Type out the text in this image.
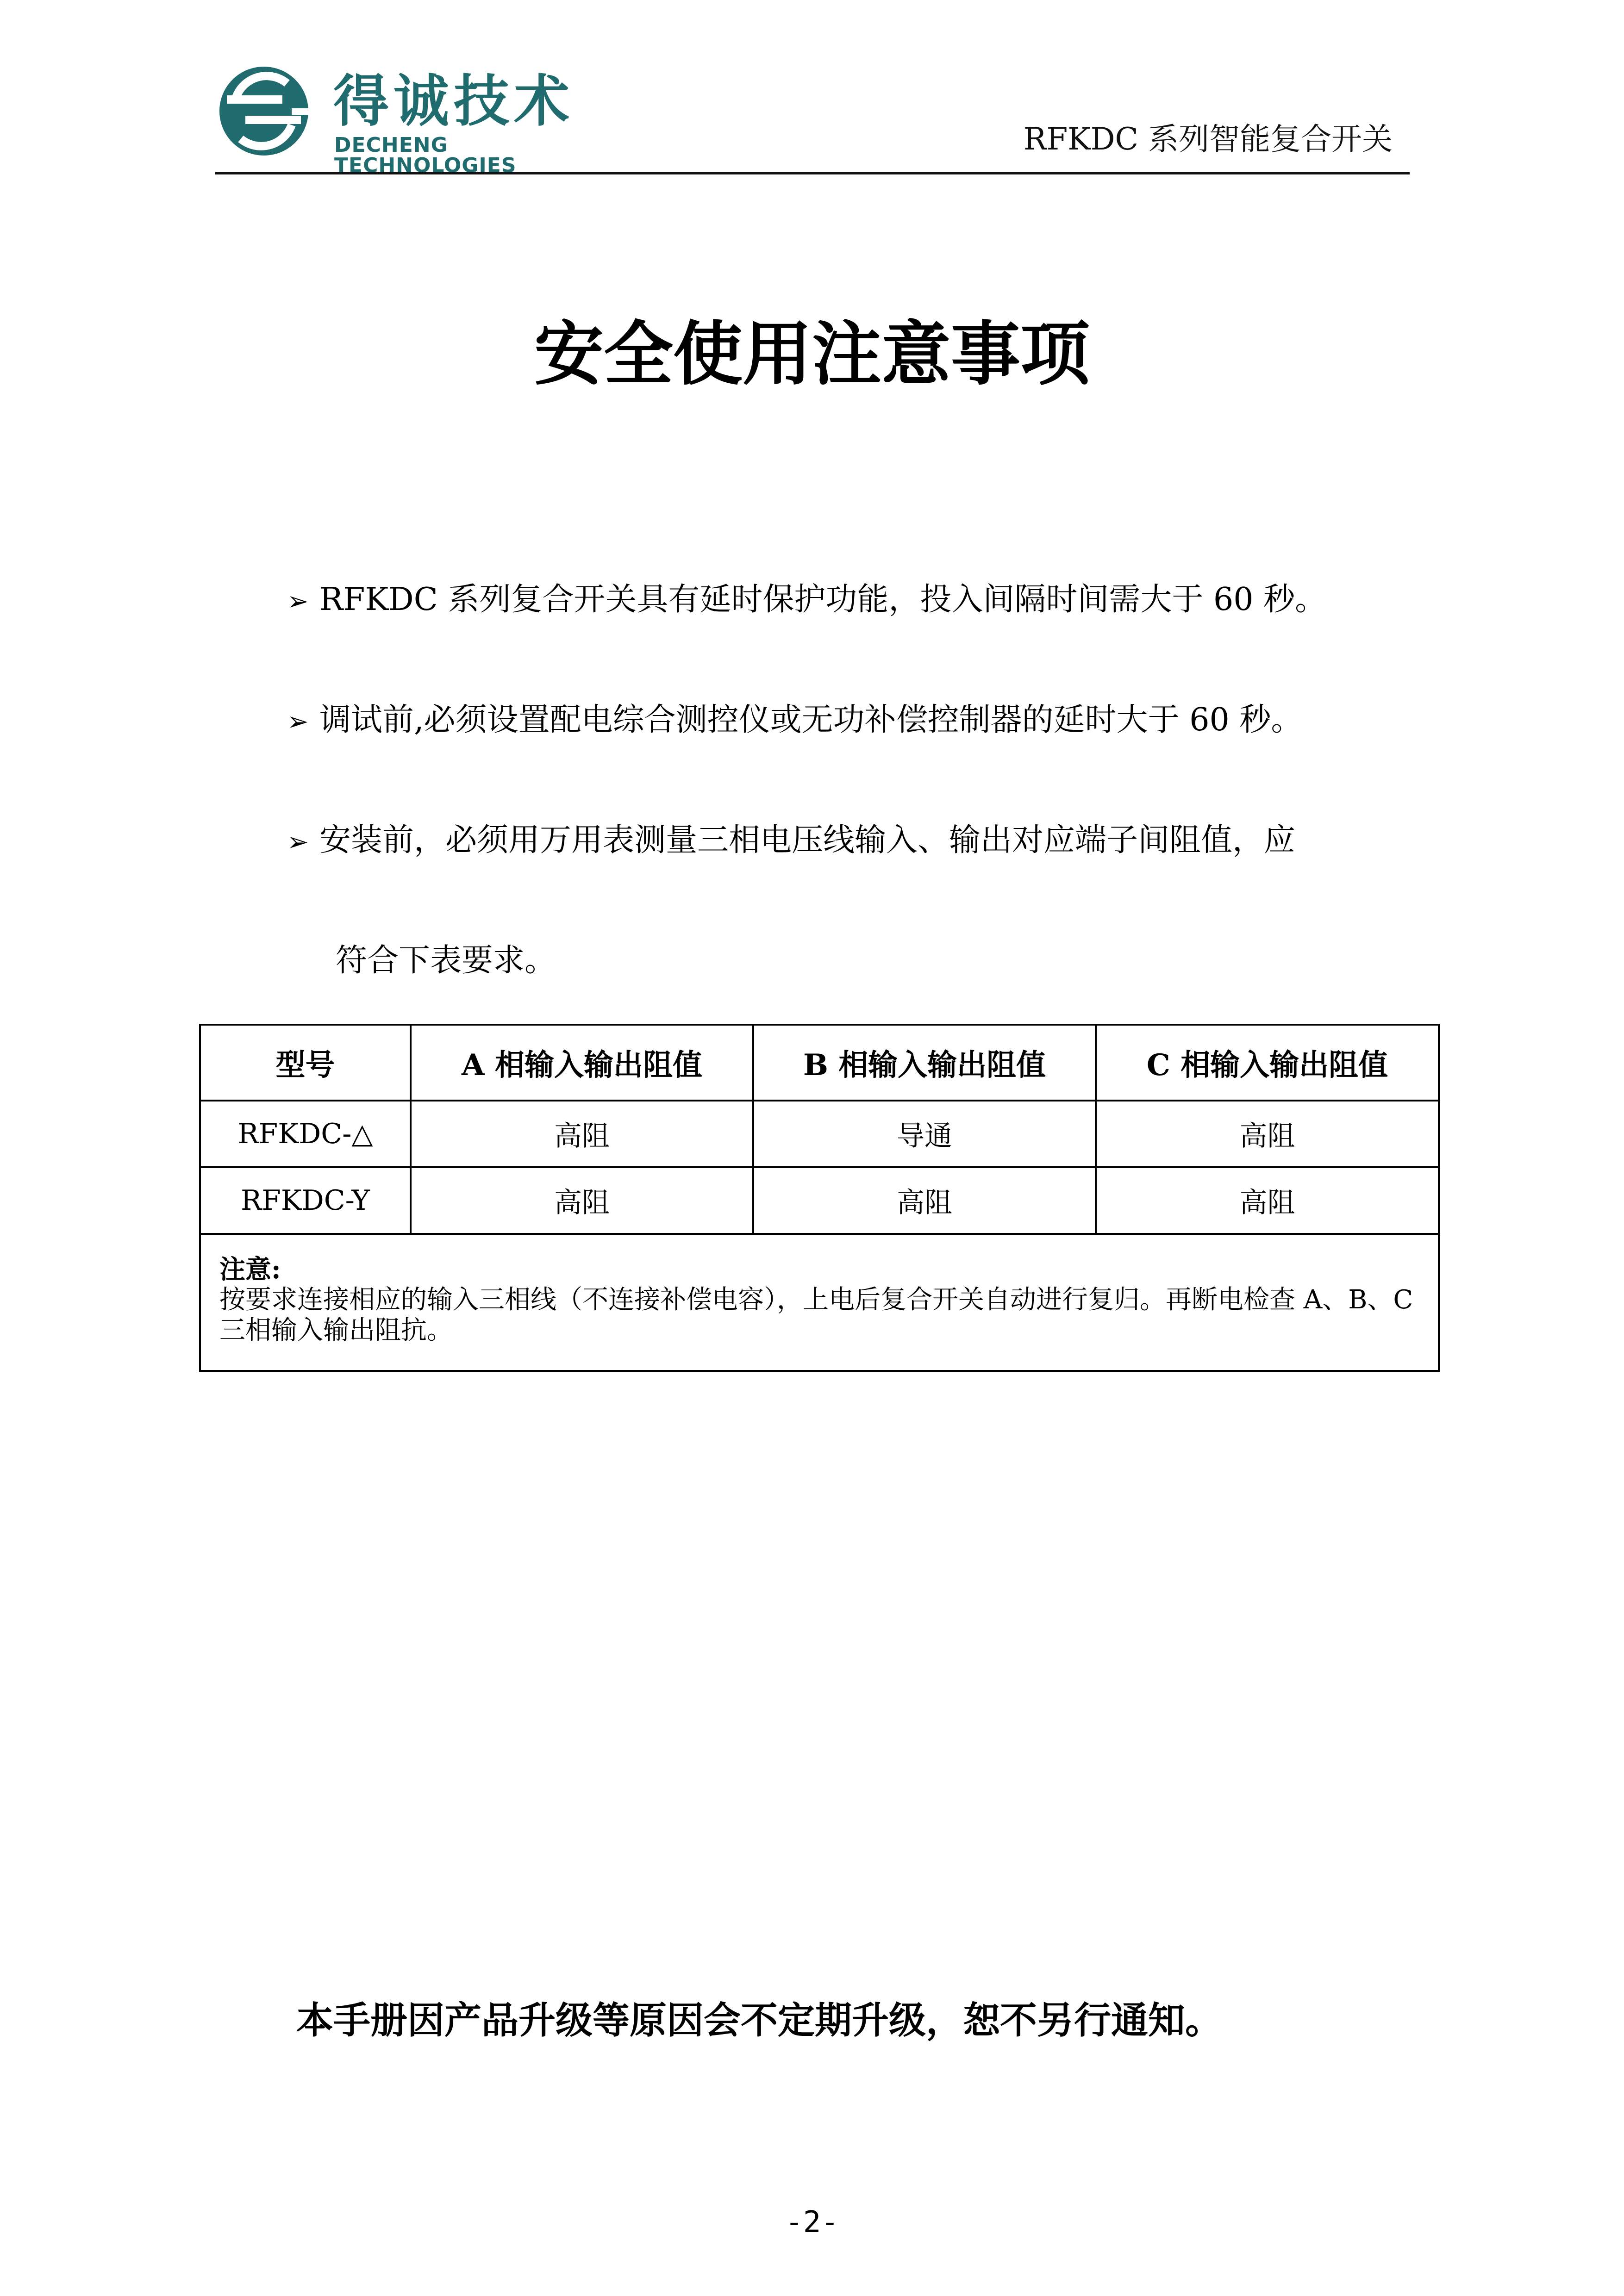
得诚技术
DECHENG TECHNOLOGIES
RFKDC 系列智能复合开关
安全使用注意事项
➢ RFKDC 系列复合开关具有延时保护功能，投入间隔时间需大于 60 秒。
➢ 调试前,必须设置配电综合测控仪或无功补偿控制器的延时大于 60 秒。
➢ 安装前，必须用万用表测量三相电压线输入、输出对应端子间阻值，应
符合下表要求。
型号	A 相输入输出阻值	B 相输入输出阻值	C 相输入输出阻值
RFKDC-△	高阻	导通	高阻
RFKDC-Y	高阻	高阻	高阻

注意:
按要求连接相应的输入三相线（不连接补偿电容），上电后复合开关自动进行复归。再断电检查 A、B、C 三相输入输出阻抗。			
本手册因产品升级等原因会不定期升级，恕不另行通知。
-2-
